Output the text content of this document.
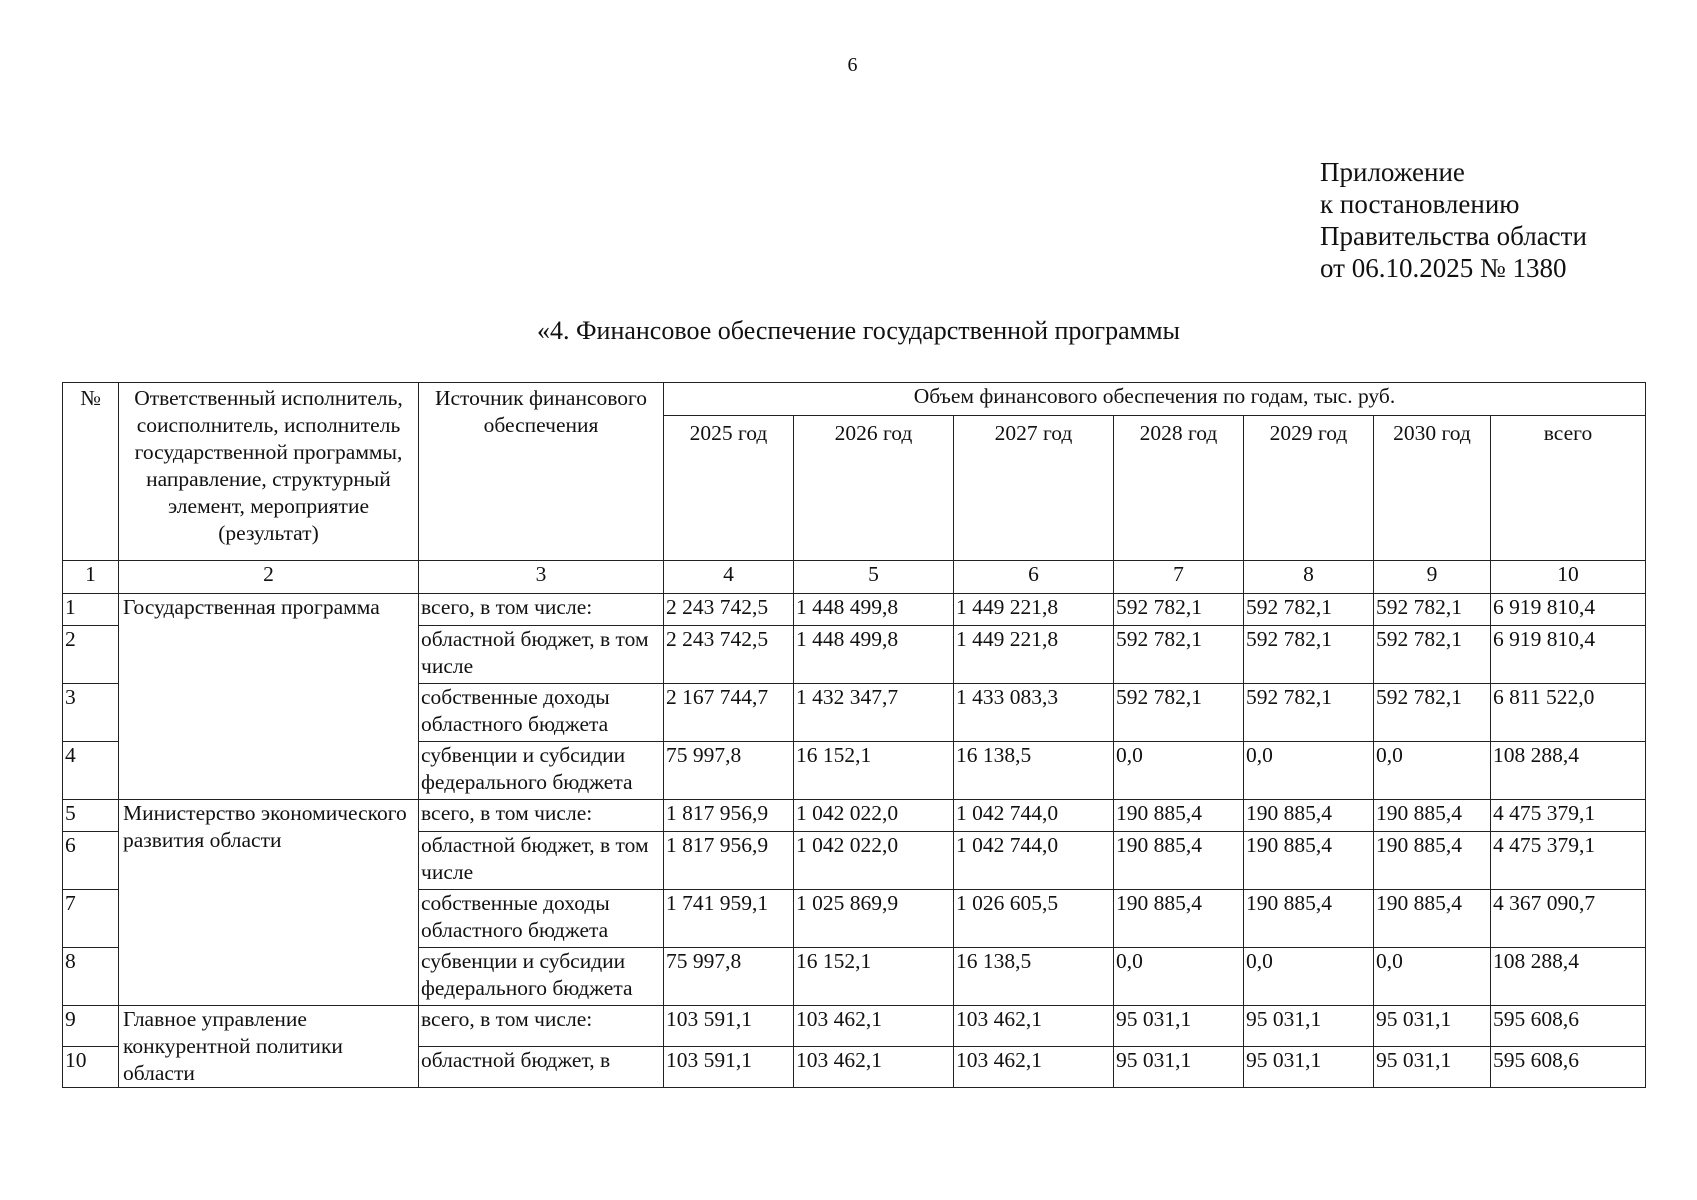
6
Приложение
к постановлению
Правительства области
от 06.10.2025 № 1380
«4. Финансовое обеспечение государственной программы
№	Ответственный исполнитель, соисполнитель, исполнитель государственной программы, направление, структурный элемент, мероприятие (результат)	Источник финансового обеспечения	Объем финансового обеспечения по годам, тыс. руб.						
			2025 год	2026 год	2027 год	2028 год	2029 год	2030 год	всего
1	2	3	4	5	6	7	8	9	10
1	Государственная программа	всего, в том числе:	2 243 742,5	1 448 499,8	1 449 221,8	592 782,1	592 782,1	592 782,1	6 919 810,4
2		областной бюджет, в том числе	2 243 742,5	1 448 499,8	1 449 221,8	592 782,1	592 782,1	592 782,1	6 919 810,4
3		собственные доходы областного бюджета	2 167 744,7	1 432 347,7	1 433 083,3	592 782,1	592 782,1	592 782,1	6 811 522,0
4		субвенции и субсидии федерального бюджета	75 997,8	16 152,1	16 138,5	0,0	0,0	0,0	108 288,4
5	Министерство экономического развития области	всего, в том числе:	1 817 956,9	1 042 022,0	1 042 744,0	190 885,4	190 885,4	190 885,4	4 475 379,1
6		областной бюджет, в том числе	1 817 956,9	1 042 022,0	1 042 744,0	190 885,4	190 885,4	190 885,4	4 475 379,1
7		собственные доходы областного бюджета	1 741 959,1	1 025 869,9	1 026 605,5	190 885,4	190 885,4	190 885,4	4 367 090,7
8		субвенции и субсидии федерального бюджета	75 997,8	16 152,1	16 138,5	0,0	0,0	0,0	108 288,4
9	Главное управление конкурентной политики области	всего, в том числе:	103 591,1	103 462,1	103 462,1	95 031,1	95 031,1	95 031,1	595 608,6
10		областной бюджет, в	103 591,1	103 462,1	103 462,1	95 031,1	95 031,1	95 031,1	595 608,6
